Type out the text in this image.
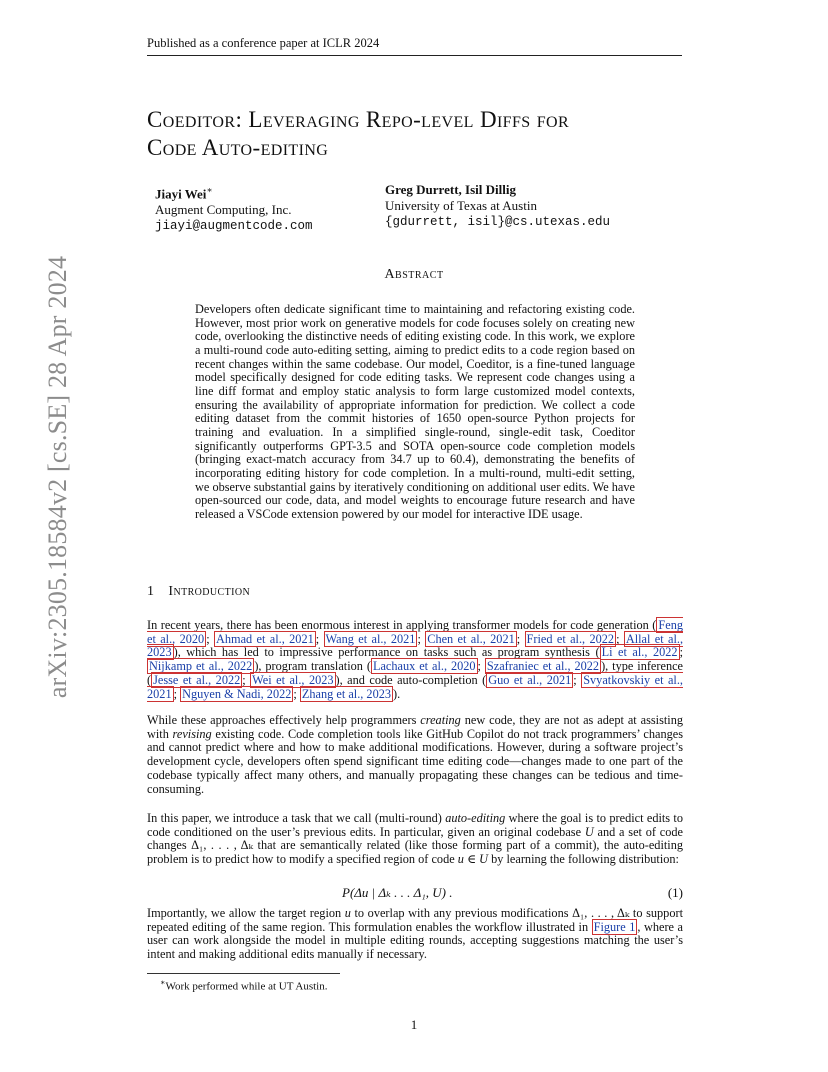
Published as a conference paper at ICLR 2024
arXiv:2305.18584v2 [cs.SE] 28 Apr 2024
Coeditor: Leveraging Repo-level Diffs for
Code Auto-editing
Jiayi Wei∗
Augment Computing, Inc.
jiayi@augmentcode.com
Greg Durrett, Isil Dillig
University of Texas at Austin
{gdurrett, isil}@cs.utexas.edu
Abstract
Developers often dedicate significant time to maintaining and refactoring existing code. However, most prior work on generative models for code focuses solely on creating new code, overlooking the distinctive needs of editing existing code. In this work, we explore a multi-round code auto-editing setting, aiming to predict edits to a code region based on recent changes within the same codebase. Our model, Coeditor, is a fine-tuned language model specifically designed for code editing tasks. We represent code changes using a line diff format and employ static analysis to form large customized model contexts, ensuring the availability of appropriate information for prediction. We collect a code editing dataset from the commit histories of 1650 open-source Python projects for training and evaluation. In a simplified single-round, single-edit task, Coeditor significantly outperforms GPT-3.5 and SOTA open-source code completion models (bringing exact-match accuracy from 34.7 up to 60.4), demonstrating the benefits of incorporating editing history for code completion. In a multi-round, multi-edit setting, we observe substantial gains by iteratively conditioning on additional user edits. We have open-sourced our code, data, and model weights to encourage future research and have released a VSCode extension powered by our model for interactive IDE usage.
1 Introduction

In recent years, there has been enormous interest in applying transformer models for code generation ( Feng et al., 2020 ; Ahmad et al., 2021 ; Wang et al., 2021 ; Chen et al., 2021 ; Fried et al., 2022 ; Allal et al., 2023 ), which has led to impressive performance on tasks such as program synthesis ( Li et al., 2022 ; Nijkamp et al., 2022 ), program translation ( Lachaux et al., 2020 ; Szafraniec et al., 2022 ), type inference ( Jesse et al., 2022 ; Wei et al., 2023 ), and code auto-completion ( Guo et al., 2021 ; Svyatkovskiy et al., 2021 ; Nguyen & Nadi, 2022 ; Zhang et al., 2023 ).

While these approaches effectively help programmers creating new code, they are not as adept at assisting with revising existing code. Code completion tools like GitHub Copilot do not track programmers’ changes and cannot predict where and how to make additional modifications. However, during a software project’s development cycle, developers often spend significant time editing code—changes made to one part of the codebase typically affect many others, and manually propagating these changes can be tedious and time-consuming.

In this paper, we introduce a task that we call (multi-round) auto-editing where the goal is to predict edits to code conditioned on the user’s previous edits. In particular, given an original codebase U and a set of code changes Δ₁, . . . , Δₖ that are semantically related (like those forming part of a commit), the auto-editing problem is to predict how to modify a specified region of code u ∈ U by learning the following distribution:

P(Δu | Δₖ . . . Δ₁, U) .	(1)

Importantly, we allow the target region u to overlap with any previous modifications Δ₁, . . . , Δₖ to support repeated editing of the same region. This formulation enables the workflow illustrated in Figure 1 , where a user can work alongside the model in multiple editing rounds, accepting suggestions matching the user’s intent and making additional edits manually if necessary.

∗Work performed while at UT Austin.
1
